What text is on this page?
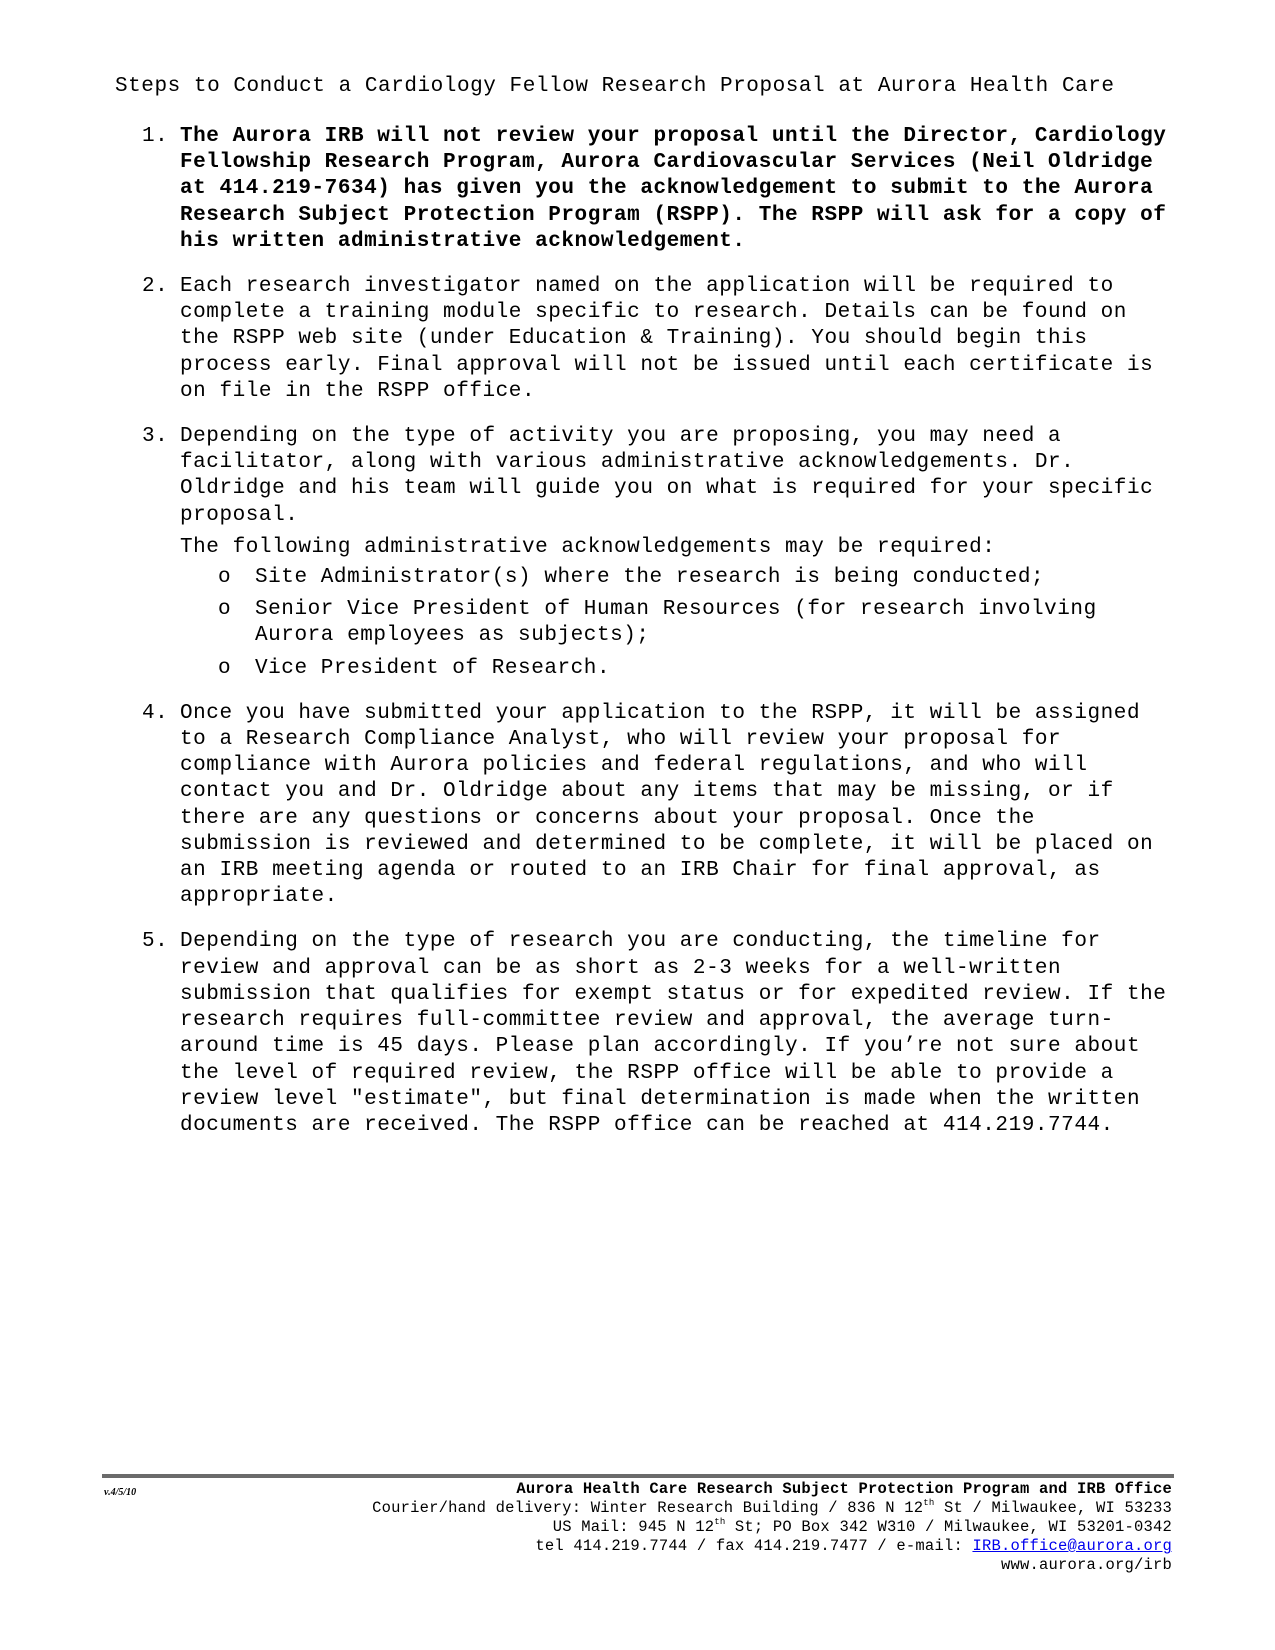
Steps to Conduct a Cardiology Fellow Research Proposal at Aurora Health Care
1. The Aurora IRB will not review your proposal until the Director, Cardiology Fellowship Research Program, Aurora Cardiovascular Services (Neil Oldridge at 414.219-7634) has given you the acknowledgement to submit to the Aurora Research Subject Protection Program (RSPP). The RSPP will ask for a copy of his written administrative acknowledgement.
2. Each research investigator named on the application will be required to complete a training module specific to research. Details can be found on the RSPP web site (under Education & Training). You should begin this process early. Final approval will not be issued until each certificate is on file in the RSPP office.
3. Depending on the type of activity you are proposing, you may need a facilitator, along with various administrative acknowledgements. Dr. Oldridge and his team will guide you on what is required for your specific proposal.
The following administrative acknowledgements may be required:
o Site Administrator(s) where the research is being conducted;
o Senior Vice President of Human Resources (for research involving Aurora employees as subjects);
o Vice President of Research.
4. Once you have submitted your application to the RSPP, it will be assigned to a Research Compliance Analyst, who will review your proposal for compliance with Aurora policies and federal regulations, and who will contact you and Dr. Oldridge about any items that may be missing, or if there are any questions or concerns about your proposal. Once the submission is reviewed and determined to be complete, it will be placed on an IRB meeting agenda or routed to an IRB Chair for final approval, as appropriate.
5. Depending on the type of research you are conducting, the timeline for review and approval can be as short as 2-3 weeks for a well-written submission that qualifies for exempt status or for expedited review. If the research requires full-committee review and approval, the average turn-around time is 45 days. Please plan accordingly. If you’re not sure about the level of required review, the RSPP office will be able to provide a review level "estimate", but final determination is made when the written documents are received. The RSPP office can be reached at 414.219.7744.
v.4/5/10	Aurora Health Care Research Subject Protection Program and IRB Office
Courier/hand delivery: Winter Research Building / 836 N 12th St / Milwaukee, WI 53233
US Mail: 945 N 12th St; PO Box 342 W310 / Milwaukee, WI 53201-0342
tel 414.219.7744 / fax 414.219.7477 / e-mail: IRB.office@aurora.org
www.aurora.org/irb
